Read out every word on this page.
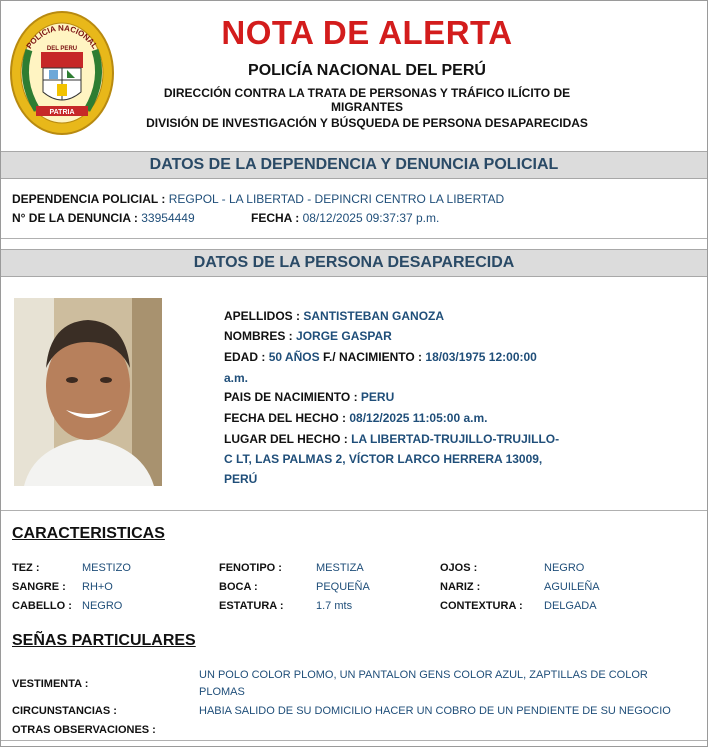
PATRIA
POLICIA NACIONAL
DEL PERU	NOTA DE ALERTA
POLICÍA NACIONAL DEL PERÚ
DIRECCIÓN CONTRA LA TRATA DE PERSONAS Y TRÁFICO ILÍCITO DE MIGRANTES
DIVISIÓN DE INVESTIGACIÓN Y BÚSQUEDA DE PERSONA DESAPARECIDAS
DATOS DE LA DEPENDENCIA Y DENUNCIA POLICIAL
DEPENDENCIA POLICIAL : REGPOL - LA LIBERTAD - DEPINCRI CENTRO LA LIBERTAD
N° DE LA DENUNCIA : 33954449	FECHA : 08/12/2025 09:37:37 p.m.
DATOS DE LA PERSONA DESAPARECIDA
APELLIDOS : SANTISTEBAN GANOZA
NOMBRES : JORGE GASPAR
EDAD : 50 AÑOS F./ NACIMIENTO : 18/03/1975 12:00:00
a.m.
PAIS DE NACIMIENTO : PERU
FECHA DEL HECHO : 08/12/2025 11:05:00 a.m.
LUGAR DEL HECHO : LA LIBERTAD-TRUJILLO-TRUJILLO-
C LT, LAS PALMAS 2, VÍCTOR LARCO HERRERA 13009,
PERÚ
CARACTERISTICAS
TEZ :	MESTIZO	FENOTIPO :	MESTIZA	OJOS :	NEGRO
SANGRE : RH+O	BOCA :	PEQUEÑA	NARIZ :	AGUILEÑA
CABELLO : NEGRO	ESTATURA :	1.7 mts	CONTEXTURA : DELGADA
SEÑAS PARTICULARES
VESTIMENTA :
UN POLO COLOR PLOMO, UN PANTALON GENS COLOR AZUL, ZAPTILLAS DE COLOR PLOMAS
CIRCUNSTANCIAS :	HABIA SALIDO DE SU DOMICILIO HACER UN COBRO DE UN PENDIENTE DE SU NEGOCIO
OTRAS OBSERVACIONES :
